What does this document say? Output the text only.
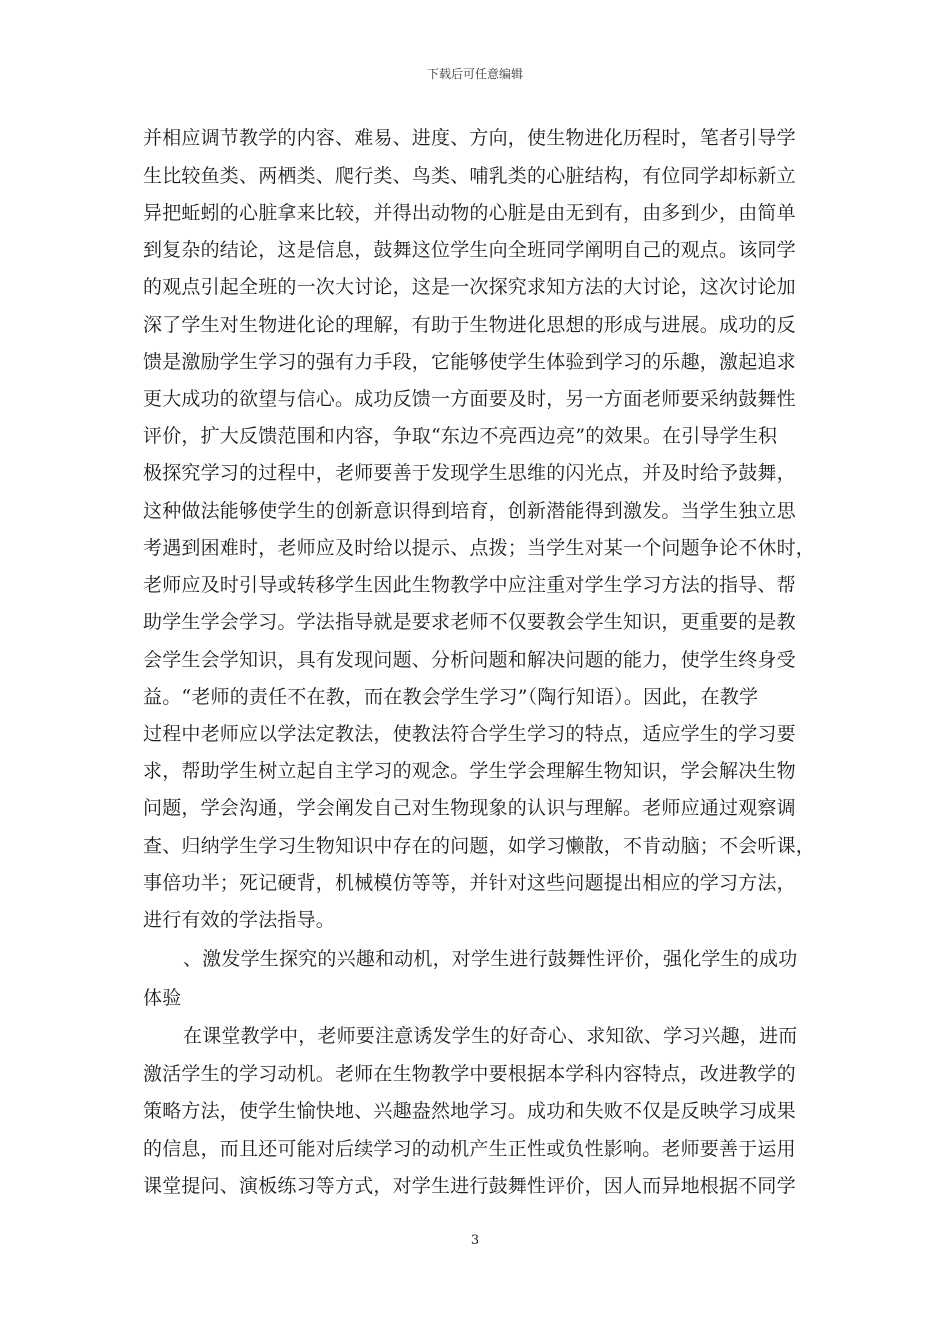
下载后可任意编辑
并相应调节教学的内容、难易、进度、方向，使生物进化历程时，笔者引导学
生比较鱼类、两栖类、爬行类、鸟类、哺乳类的心脏结构，有位同学却标新立
异把蚯蚓的心脏拿来比较，并得出动物的心脏是由无到有，由多到少，由简单
到复杂的结论，这是信息，鼓舞这位学生向全班同学阐明自己的观点。该同学
的观点引起全班的一次大讨论，这是一次探究求知方法的大讨论，这次讨论加
深了学生对生物进化论的理解，有助于生物进化思想的形成与进展。成功的反
馈是激励学生学习的强有力手段，它能够使学生体验到学习的乐趣，激起追求
更大成功的欲望与信心。成功反馈一方面要及时，另一方面老师要采纳鼓舞性
评价，扩大反馈范围和内容，争取“东边不亮西边亮”的效果。在引导学生积
极探究学习的过程中，老师要善于发现学生思维的闪光点，并及时给予鼓舞，
这种做法能够使学生的创新意识得到培育，创新潜能得到激发。当学生独立思
考遇到困难时，老师应及时给以提示、点拨；当学生对某一个问题争论不休时，
老师应及时引导或转移学生因此生物教学中应注重对学生学习方法的指导、帮
助学生学会学习。学法指导就是要求老师不仅要教会学生知识，更重要的是教
会学生会学知识，具有发现问题、分析问题和解决问题的能力，使学生终身受
益。“老师的责任不在教，而在教会学生学习”（陶行知语）。因此，在教学
过程中老师应以学法定教法，使教法符合学生学习的特点，适应学生的学习要
求，帮助学生树立起自主学习的观念。学生学会理解生物知识，学会解决生物
问题，学会沟通，学会阐发自己对生物现象的认识与理解。老师应通过观察调
查、归纳学生学习生物知识中存在的问题，如学习懒散，不肯动脑；不会听课，
事倍功半；死记硬背，机械模仿等等，并针对这些问题提出相应的学习方法，
进行有效的学法指导。
、激发学生探究的兴趣和动机，对学生进行鼓舞性评价，强化学生的成功
体验
在课堂教学中，老师要注意诱发学生的好奇心、求知欲、学习兴趣，进而
激活学生的学习动机。老师在生物教学中要根据本学科内容特点，改进教学的
策略方法，使学生愉快地、兴趣盎然地学习。成功和失败不仅是反映学习成果
的信息，而且还可能对后续学习的动机产生正性或负性影响。老师要善于运用
课堂提问、演板练习等方式，对学生进行鼓舞性评价，因人而异地根据不同学
3
